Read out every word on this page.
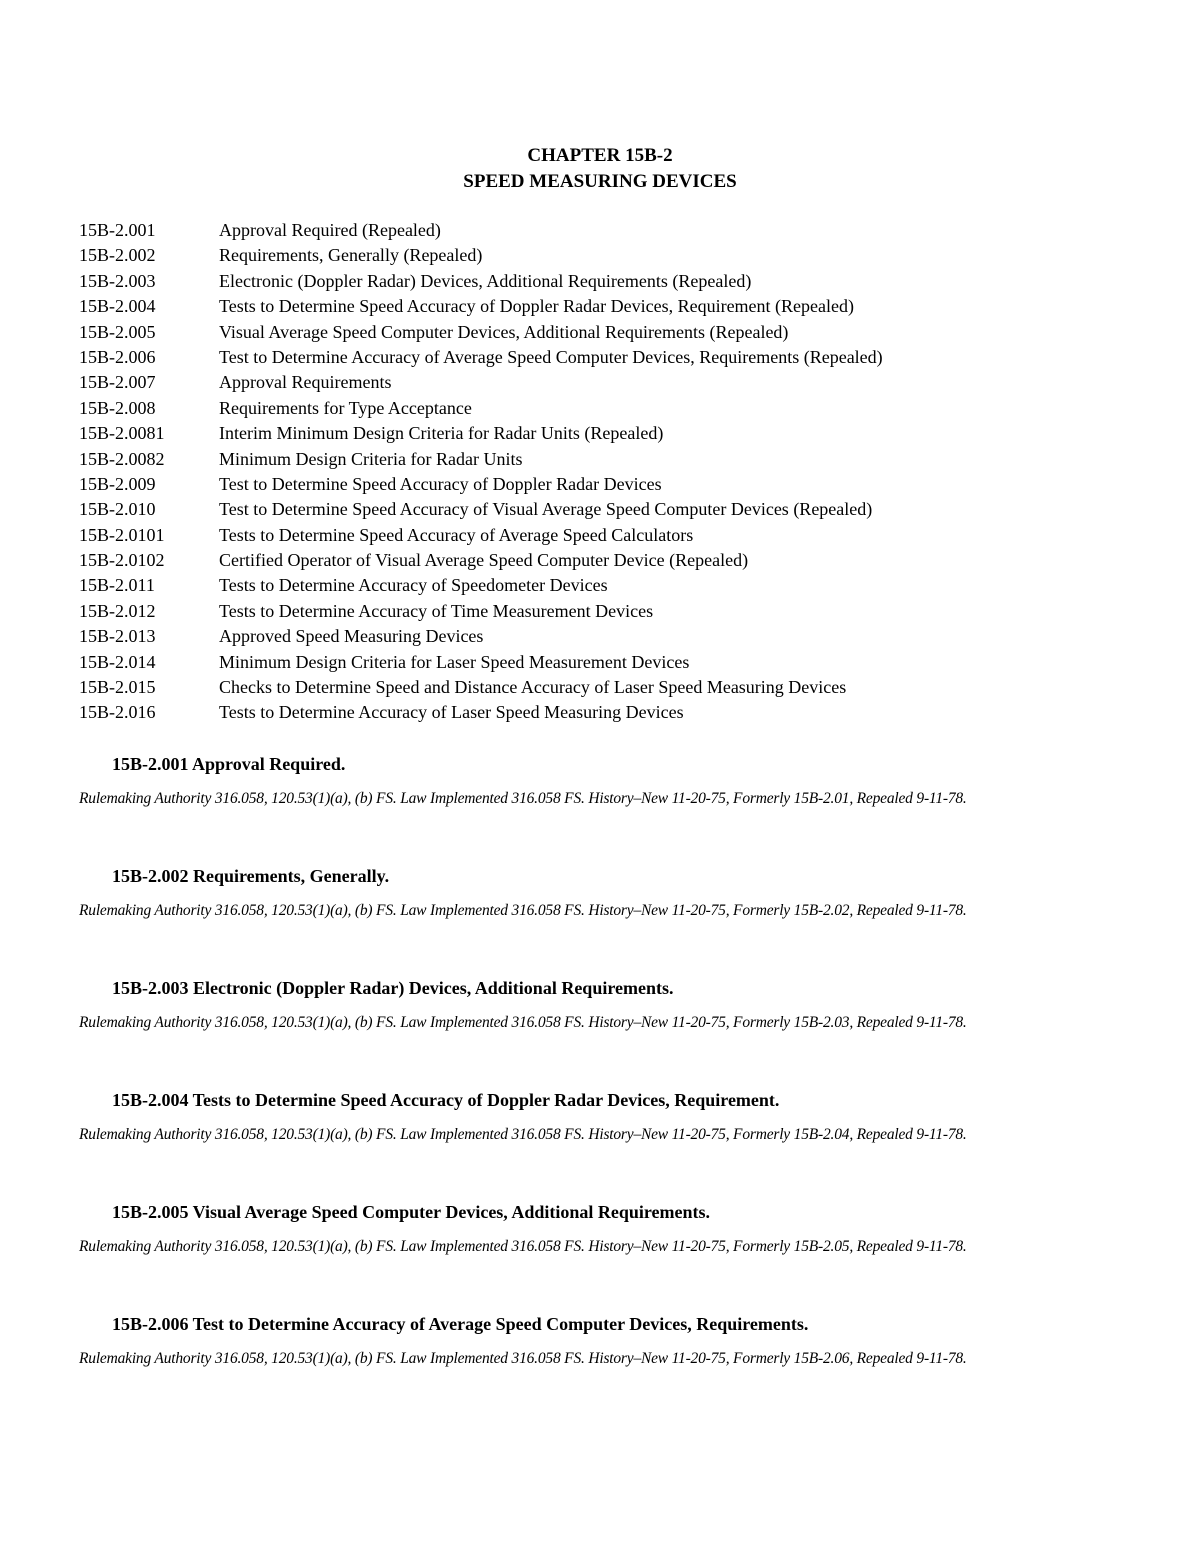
CHAPTER 15B-2
SPEED MEASURING DEVICES
15B-2.001	Approval Required (Repealed)
15B-2.002	Requirements, Generally (Repealed)
15B-2.003	Electronic (Doppler Radar) Devices, Additional Requirements (Repealed)
15B-2.004	Tests to Determine Speed Accuracy of Doppler Radar Devices, Requirement (Repealed)
15B-2.005	Visual Average Speed Computer Devices, Additional Requirements (Repealed)
15B-2.006	Test to Determine Accuracy of Average Speed Computer Devices, Requirements (Repealed)
15B-2.007	Approval Requirements
15B-2.008	Requirements for Type Acceptance
15B-2.0081	Interim Minimum Design Criteria for Radar Units (Repealed)
15B-2.0082	Minimum Design Criteria for Radar Units
15B-2.009	Test to Determine Speed Accuracy of Doppler Radar Devices
15B-2.010	Test to Determine Speed Accuracy of Visual Average Speed Computer Devices (Repealed)
15B-2.0101	Tests to Determine Speed Accuracy of Average Speed Calculators
15B-2.0102	Certified Operator of Visual Average Speed Computer Device (Repealed)
15B-2.011	Tests to Determine Accuracy of Speedometer Devices
15B-2.012	Tests to Determine Accuracy of Time Measurement Devices
15B-2.013	Approved Speed Measuring Devices
15B-2.014	Minimum Design Criteria for Laser Speed Measurement Devices
15B-2.015	Checks to Determine Speed and Distance Accuracy of Laser Speed Measuring Devices
15B-2.016	Tests to Determine Accuracy of Laser Speed Measuring Devices
15B-2.001 Approval Required.
Rulemaking Authority 316.058, 120.53(1)(a), (b) FS. Law Implemented 316.058 FS. History–New 11-20-75, Formerly 15B-2.01, Repealed 9-11-78.
15B-2.002 Requirements, Generally.
Rulemaking Authority 316.058, 120.53(1)(a), (b) FS. Law Implemented 316.058 FS. History–New 11-20-75, Formerly 15B-2.02, Repealed 9-11-78.
15B-2.003 Electronic (Doppler Radar) Devices, Additional Requirements.
Rulemaking Authority 316.058, 120.53(1)(a), (b) FS. Law Implemented 316.058 FS. History–New 11-20-75, Formerly 15B-2.03, Repealed 9-11-78.
15B-2.004 Tests to Determine Speed Accuracy of Doppler Radar Devices, Requirement.
Rulemaking Authority 316.058, 120.53(1)(a), (b) FS. Law Implemented 316.058 FS. History–New 11-20-75, Formerly 15B-2.04, Repealed 9-11-78.
15B-2.005 Visual Average Speed Computer Devices, Additional Requirements.
Rulemaking Authority 316.058, 120.53(1)(a), (b) FS. Law Implemented 316.058 FS. History–New 11-20-75, Formerly 15B-2.05, Repealed 9-11-78.
15B-2.006 Test to Determine Accuracy of Average Speed Computer Devices, Requirements.
Rulemaking Authority 316.058, 120.53(1)(a), (b) FS. Law Implemented 316.058 FS. History–New 11-20-75, Formerly 15B-2.06, Repealed 9-11-78.
